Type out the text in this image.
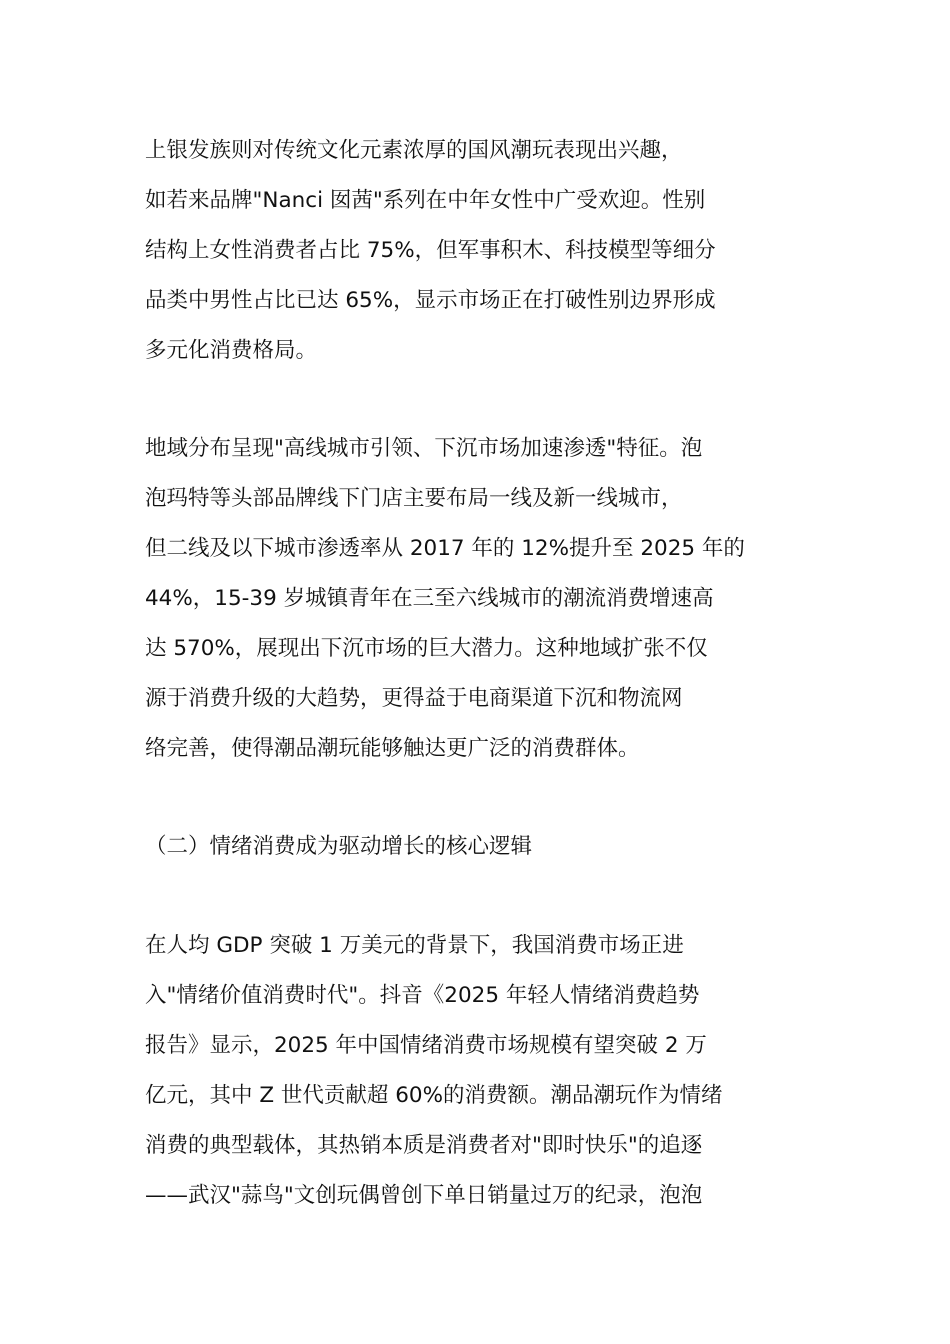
上银发族则对传统文化元素浓厚的国风潮玩表现出兴趣，
如若来品牌"Nanci 囡茜"系列在中年女性中广受欢迎。性别
结构上女性消费者占比 75%，但军事积木、科技模型等细分
品类中男性占比已达 65%，显示市场正在打破性别边界形成
多元化消费格局。
地域分布呈现"高线城市引领、下沉市场加速渗透"特征。泡
泡玛特等头部品牌线下门店主要布局一线及新一线城市，
但二线及以下城市渗透率从 2017 年的 12%提升至 2025 年的
44%，15-39 岁城镇青年在三至六线城市的潮流消费增速高
达 570%，展现出下沉市场的巨大潜力。这种地域扩张不仅
源于消费升级的大趋势，更得益于电商渠道下沉和物流网
络完善，使得潮品潮玩能够触达更广泛的消费群体。
（二）情绪消费成为驱动增长的核心逻辑
在人均 GDP 突破 1 万美元的背景下，我国消费市场正进
入"情绪价值消费时代"。抖音《2025 年轻人情绪消费趋势
报告》显示，2025 年中国情绪消费市场规模有望突破 2 万
亿元，其中 Z 世代贡献超 60%的消费额。潮品潮玩作为情绪
消费的典型载体，其热销本质是消费者对"即时快乐"的追逐
——武汉"蒜鸟"文创玩偶曾创下单日销量过万的纪录，泡泡
